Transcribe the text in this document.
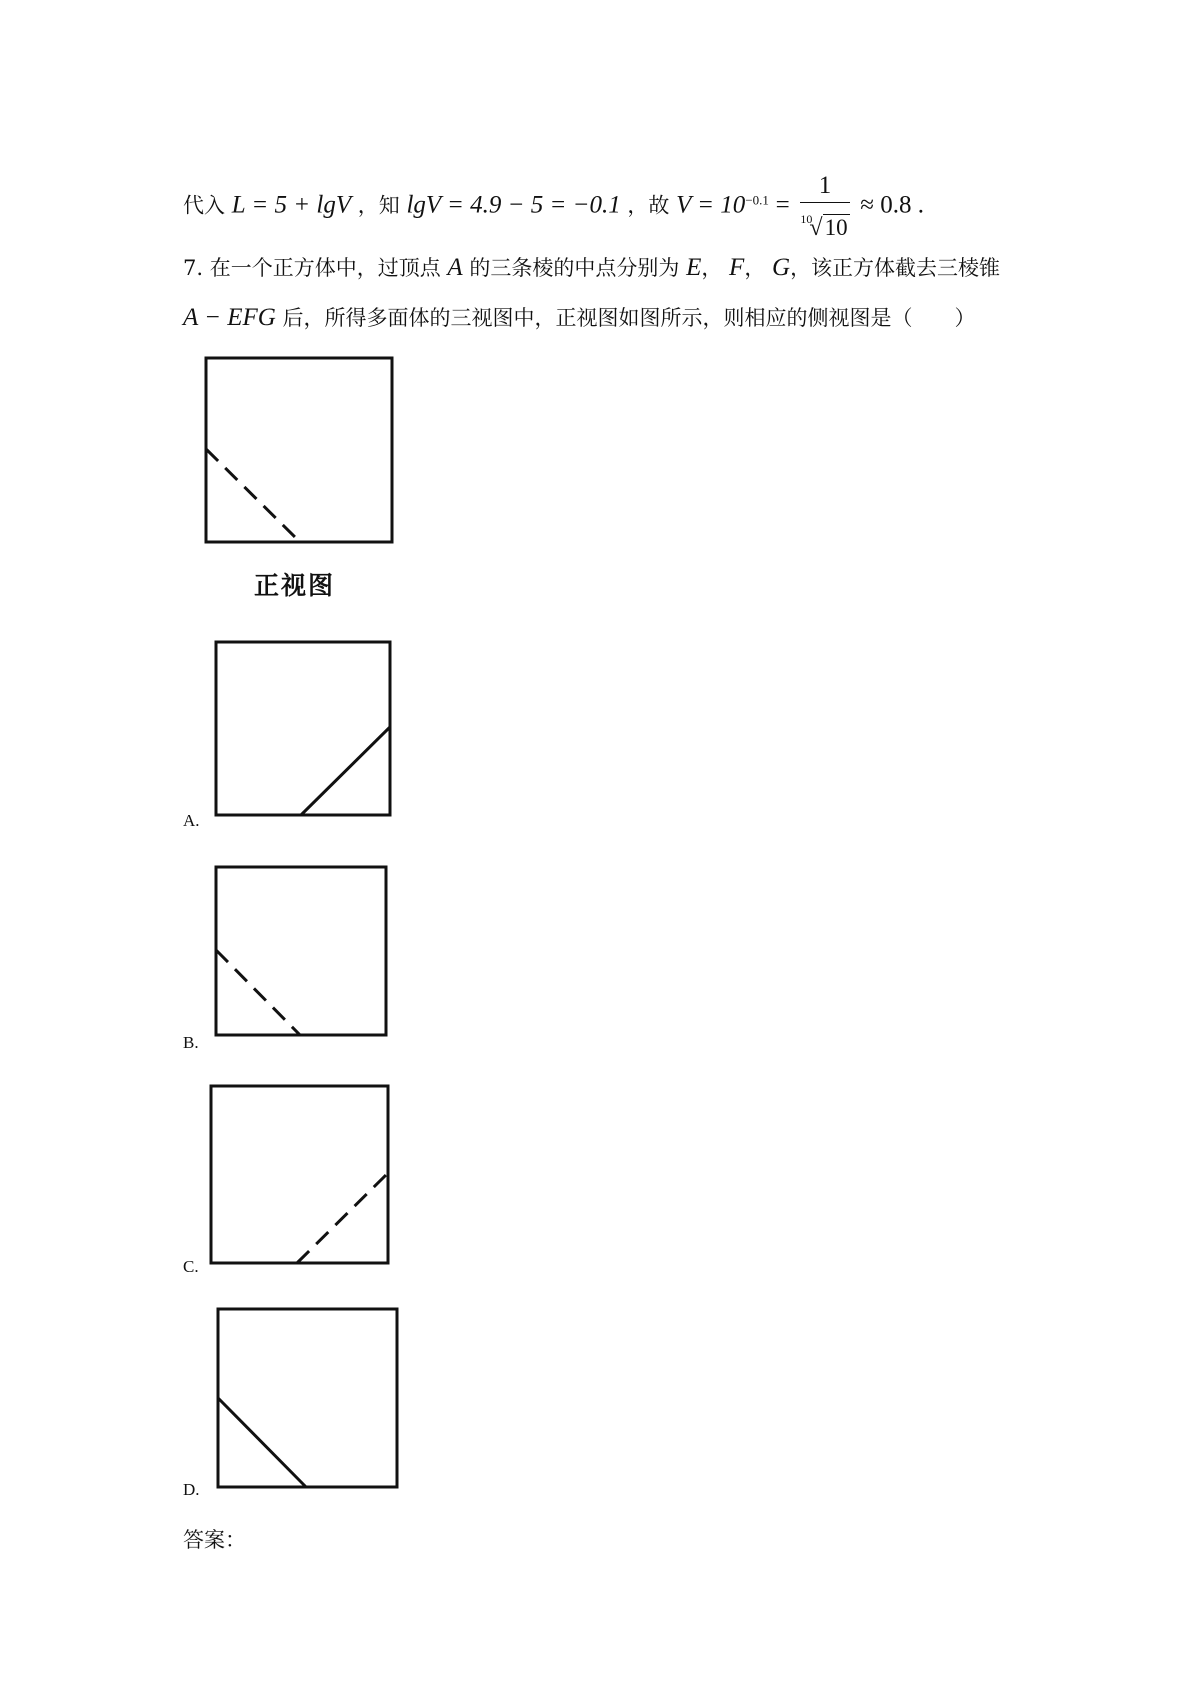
代入 L = 5 + lgV ，知 lgV = 4.9 − 5 = −0.1 ，故 $V = 10^{-0.1} = \frac{1}{^{10}√10} \approx 0.8$ .
7. 在一个正方体中，过顶点 A 的三条棱的中点分别为 E， F， G，该正方体截去三棱锥
A − EFG 后，所得多面体的三视图中，正视图如图所示，则相应的侧视图是（　　）
正视图
A.
B.
C.
D.
答案：
